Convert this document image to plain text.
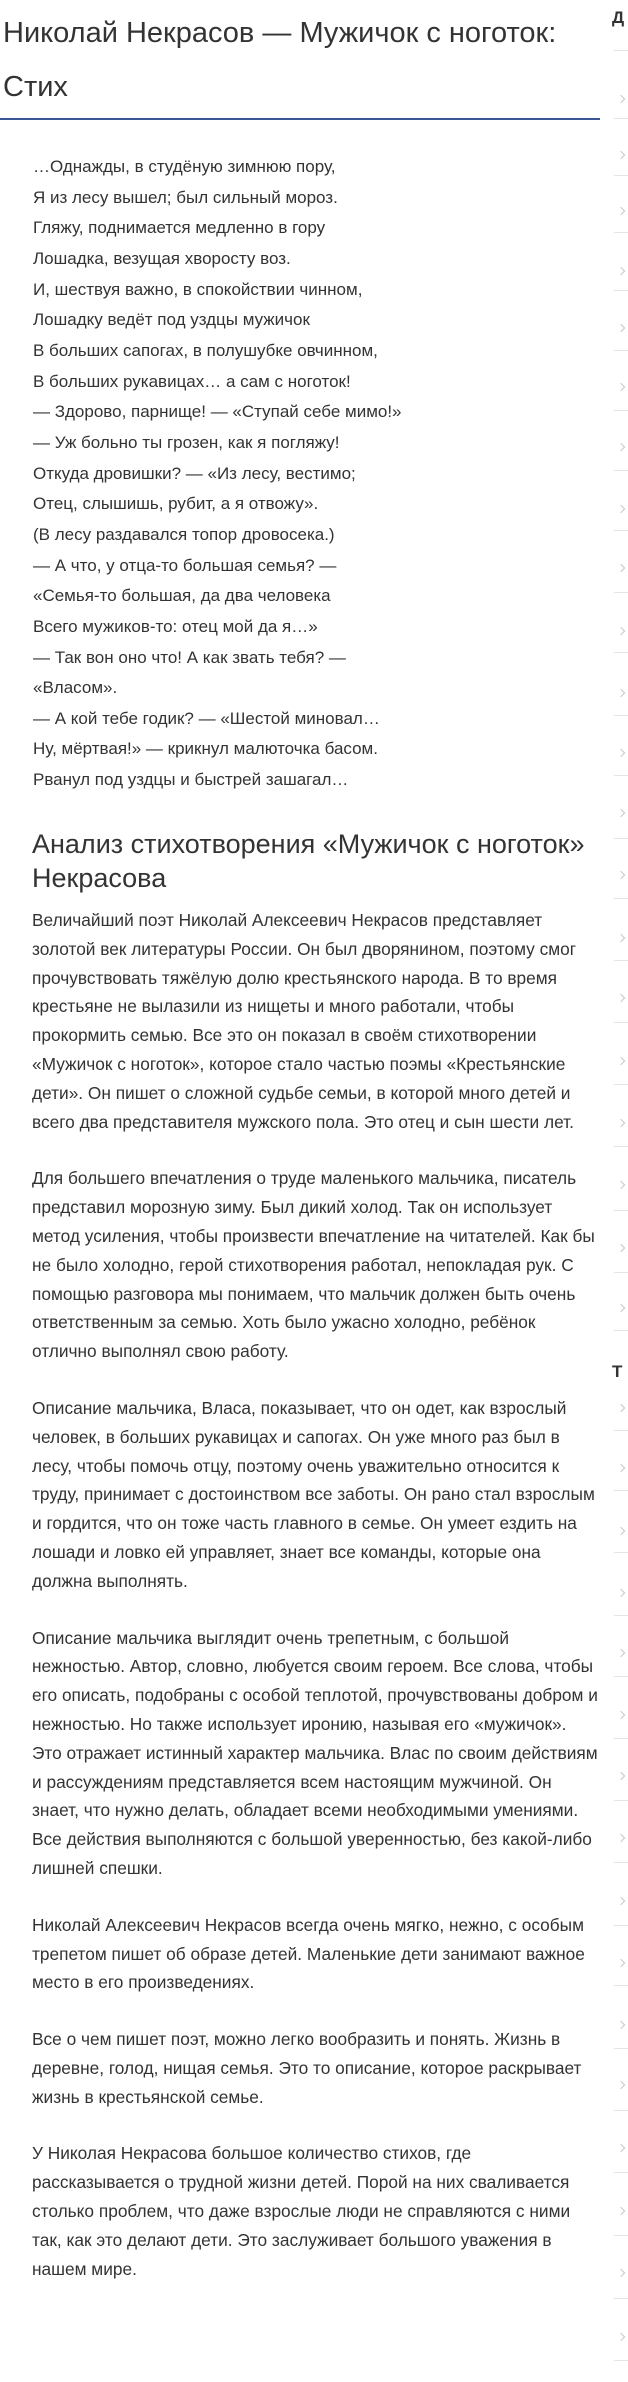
Николай Некрасов — Мужичок с ноготок: Стих
…Однажды, в студёную зимнюю пору,
Я из лесу вышел; был сильный мороз.
Гляжу, поднимается медленно в гору
Лошадка, везущая хворосту воз.
И, шествуя важно, в спокойствии чинном,
Лошадку ведёт под уздцы мужичок
В больших сапогах, в полушубке овчинном,
В больших рукавицах… а сам с ноготок!
— Здорово, парнище! — «Ступай себе мимо!»
— Уж больно ты грозен, как я погляжу!
Откуда дровишки? — «Из лесу, вестимо;
Отец, слышишь, рубит, а я отвожу».
(В лесу раздавался топор дровосека.)
— А что, у отца-то большая семья? —
«Семья-то большая, да два человека
Всего мужиков-то: отец мой да я…»
— Так вон оно что! А как звать тебя? —
«Власом».
— А кой тебе годик? — «Шестой миновал…
Ну, мёртвая!» — крикнул малюточка басом.
Рванул под уздцы и быстрей зашагал…
Анализ стихотворения «Мужичок с ноготок» Некрасова

Величайший поэт Николай Алексеевич Некрасов представляет золотой век литературы России. Он был дворянином, поэтому смог прочувствовать тяжёлую долю крестьянского народа. В то время крестьяне не вылазили из нищеты и много работали, чтобы прокормить семью. Все это он показал в своём стихотворении «Мужичок с ноготок», которое стало частью поэмы «Крестьянские дети». Он пишет о сложной судьбе семьи, в которой много детей и всего два представителя мужского пола. Это отец и сын шести лет.

Для большего впечатления о труде маленького мальчика, писатель представил морозную зиму. Был дикий холод. Так он использует метод усиления, чтобы произвести впечатление на читателей. Как бы не было холодно, герой стихотворения работал, непокладая рук. С помощью разговора мы понимаем, что мальчик должен быть очень ответственным за семью. Хоть было ужасно холодно, ребёнок отлично выполнял свою работу.

Описание мальчика, Власа, показывает, что он одет, как взрослый человек, в больших рукавицах и сапогах. Он уже много раз был в лесу, чтобы помочь отцу, поэтому очень уважительно относится к труду, принимает с достоинством все заботы. Он рано стал взрослым и гордится, что он тоже часть главного в семье. Он умеет ездить на лошади и ловко ей управляет, знает все команды, которые она должна выполнять.

Описание мальчика выглядит очень трепетным, с большой нежностью. Автор, словно, любуется своим героем. Все слова, чтобы его описать, подобраны с особой теплотой, прочувствованы добром и нежностью. Но также использует иронию, называя его «мужичок». Это отражает истинный характер мальчика. Влас по своим действиям и рассуждениям представляется всем настоящим мужчиной. Он знает, что нужно делать, обладает всеми необходимыми умениями. Все действия выполняются с большой уверенностью, без какой-либо лишней спешки.

Николай Алексеевич Некрасов всегда очень мягко, нежно, с особым трепетом пишет об образе детей. Маленькие дети занимают важное место в его произведениях.

Все о чем пишет поэт, можно легко вообразить и понять. Жизнь в деревне, голод, нищая семья. Это то описание, которое раскрывает жизнь в крестьянской семье.

У Николая Некрасова большое количество стихов, где рассказывается о трудной жизни детей. Порой на них сваливается столько проблем, что даже взрослые люди не справляются с ними так, как это делают дети. Это заслуживает большого уважения в нашем мире.

Д
Т
